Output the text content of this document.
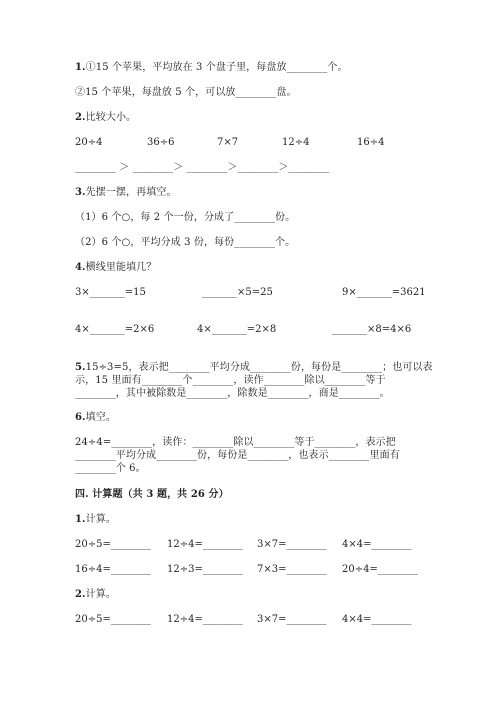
1.①15 个苹果，平均放在 3 个盘子里，每盘放________个。
②15 个苹果，每盘放 5 个，可以放________盘。
2.比较大小。
20÷4	36÷6	7×7	12÷4	16÷4
________ ＞ ________＞ ________＞________＞________
3.先摆一摆，再填空。
（1）6 个○，每 2 个一份，分成了________份。
（2）6 个○，平均分成 3 份，每份________个。
4.横线里能填几？
3×_______=15	_______×5=25	9×_______=3621
4×_______=2×6	4×_______=2×8	_______×8=4×6
5.15÷3=5，表示把________平均分成________份，每份是________；也可以表
示，15 里面有________个________，读作________除以________等于
________，其中被除数是________，除数是________，商是________。
6.填空。
24÷4=________，读作：________除以________等于________，表示把
________平均分成________份，每份是________，也表示________里面有
________个 6。
四. 计算题（共 3 题，共 26 分）
1.计算。
20÷5=________ 12÷4=________ 3×7=________ 4×4=________
16÷4=________ 12÷3=________ 7×3=________ 20÷4=________
2.计算。
20÷5=________ 12÷4=________ 3×7=________ 4×4=________
